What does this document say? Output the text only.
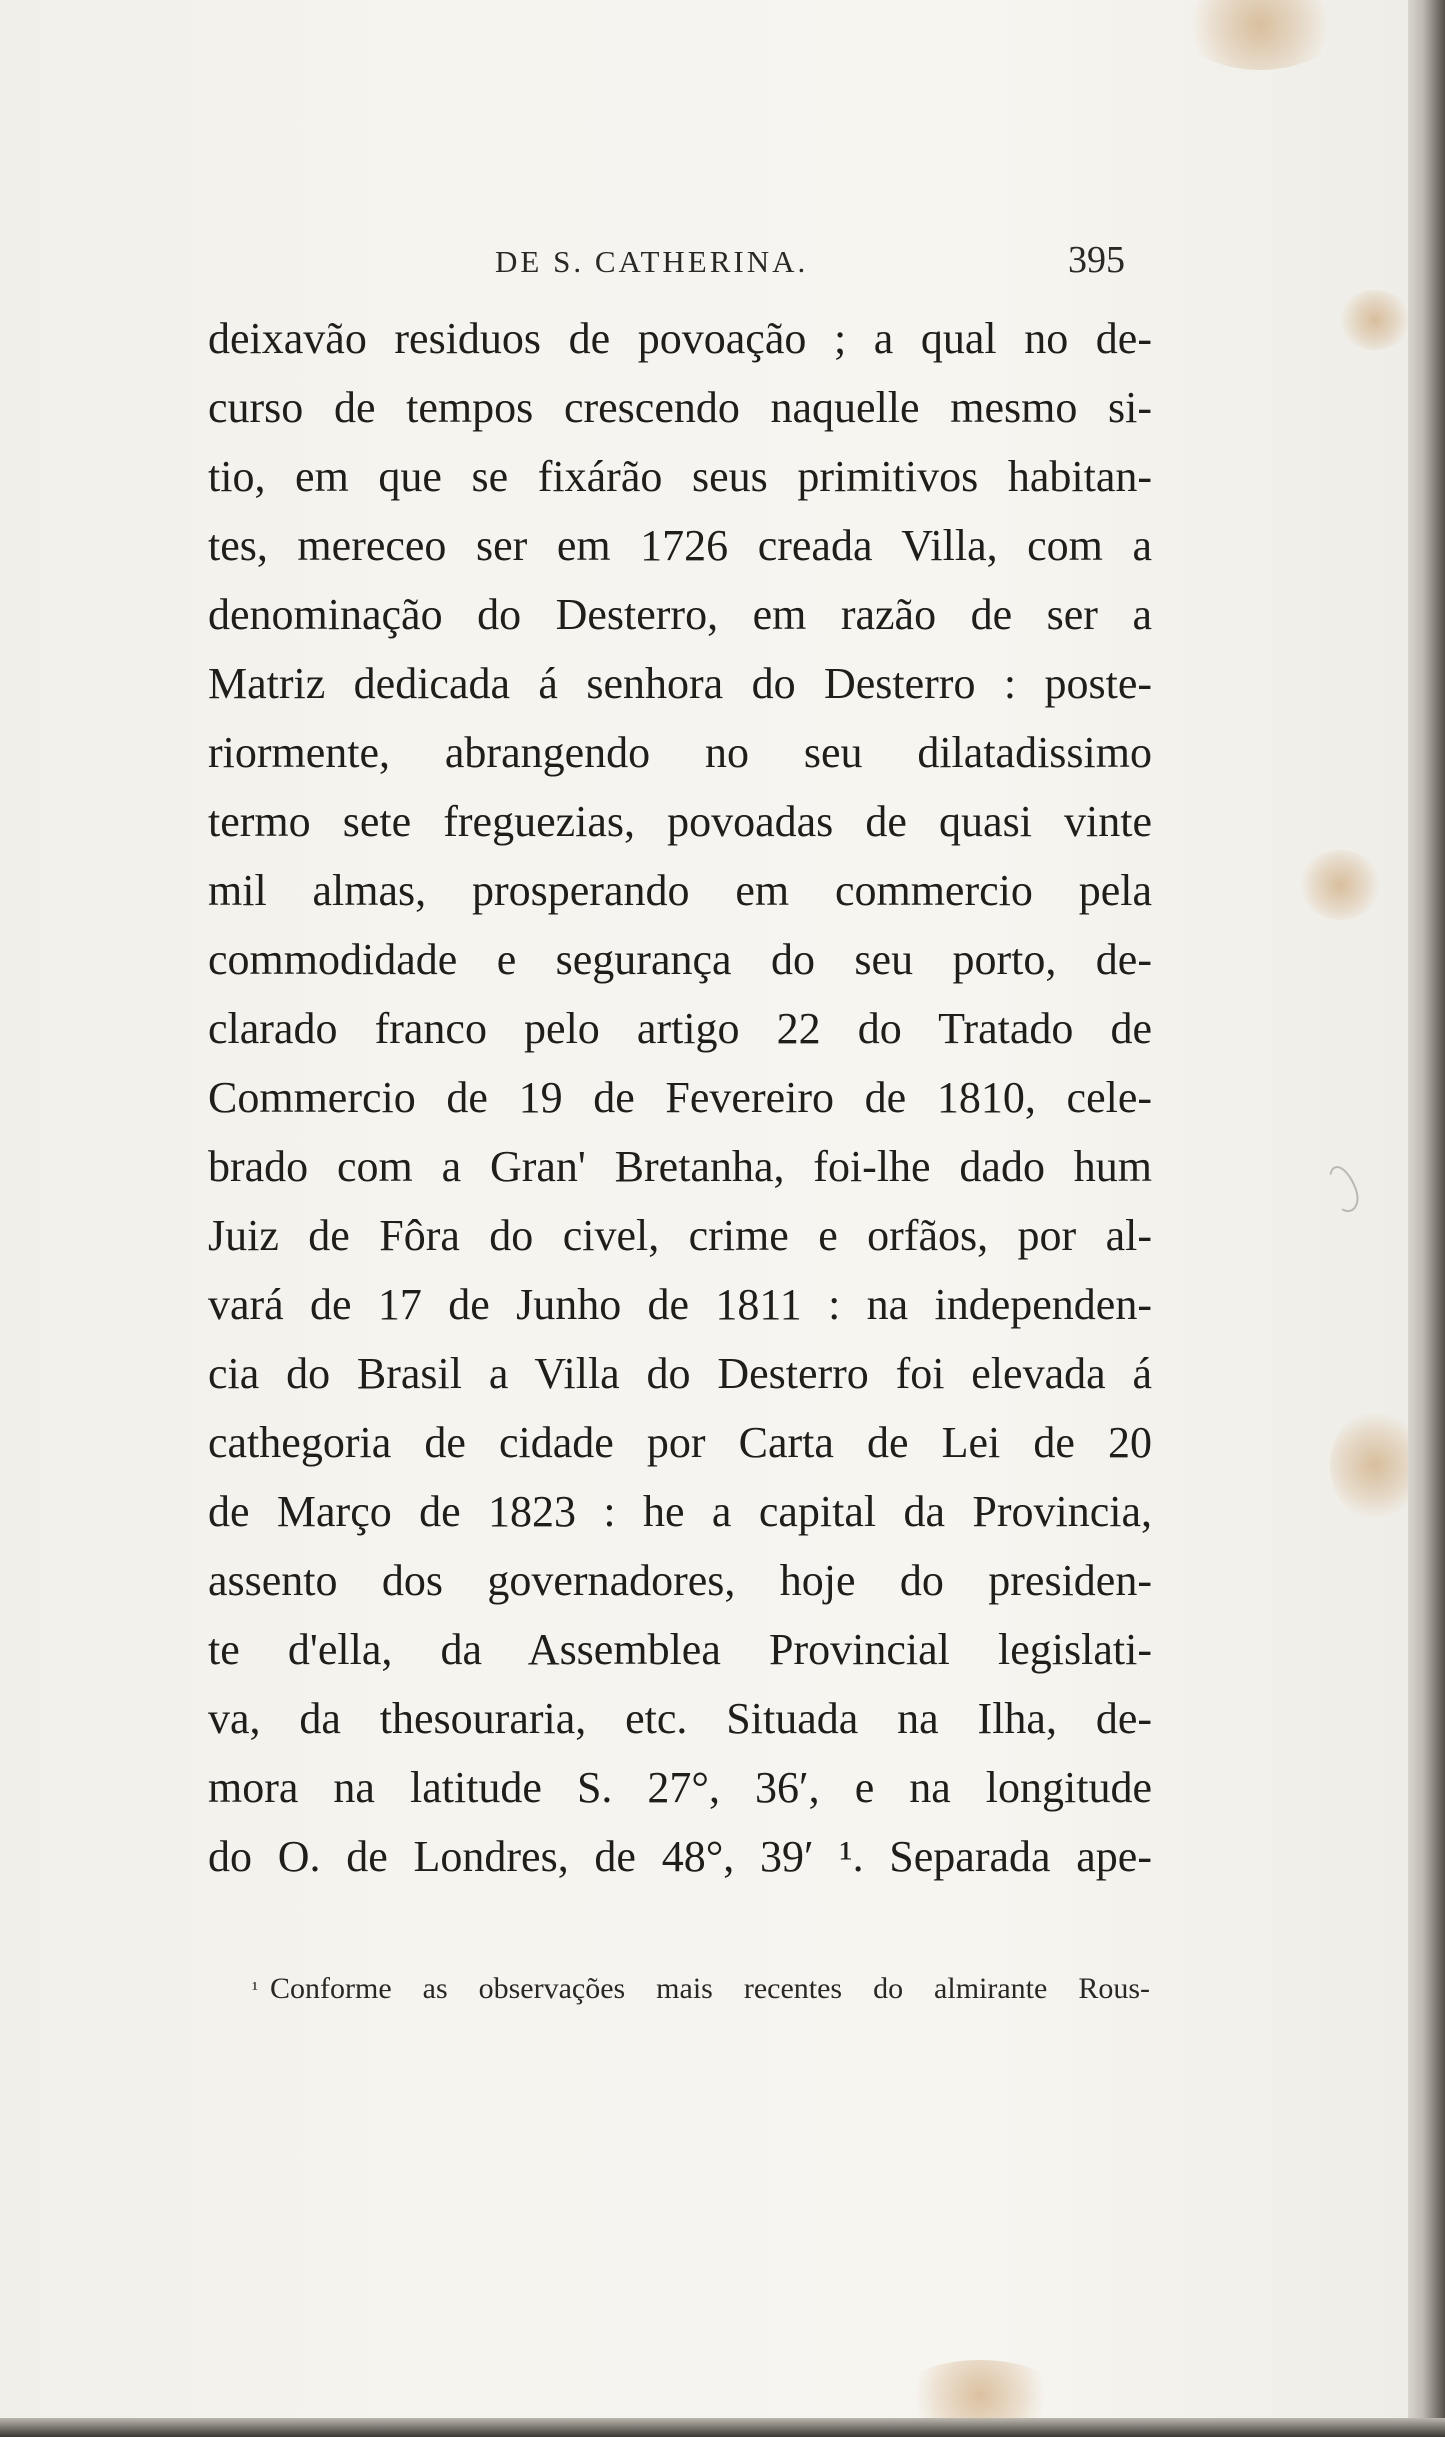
DE S. CATHERINA.	395
deixavão residuos de povoação ; a qual no de-
curso de tempos crescendo naquelle mesmo si-
tio, em que se fixárão seus primitivos habitan-
tes, mereceo ser em 1726 creada Villa, com a
denominação do Desterro, em razão de ser a
Matriz dedicada á senhora do Desterro : poste-
riormente, abrangendo no seu dilatadissimo
termo sete freguezias, povoadas de quasi vinte
mil almas, prosperando em commercio pela
commodidade e segurança do seu porto, de-
clarado franco pelo artigo 22 do Tratado de
Commercio de 19 de Fevereiro de 1810, cele-
brado com a Gran' Bretanha, foi-lhe dado hum
Juiz de Fôra do civel, crime e orfãos, por al-
vará de 17 de Junho de 1811 : na independen-
cia do Brasil a Villa do Desterro foi elevada á
cathegoria de cidade por Carta de Lei de 20
de Março de 1823 : he a capital da Provincia,
assento dos governadores, hoje do presiden-
te d'ella, da Assemblea Provincial legislati-
va, da thesouraria, etc. Situada na Ilha, de-
mora na latitude S. 27°, 36′, e na longitude
do O. de Londres, de 48°, 39′ ¹. Separada ape-
¹ Conforme as observações mais recentes do almirante Rous-
